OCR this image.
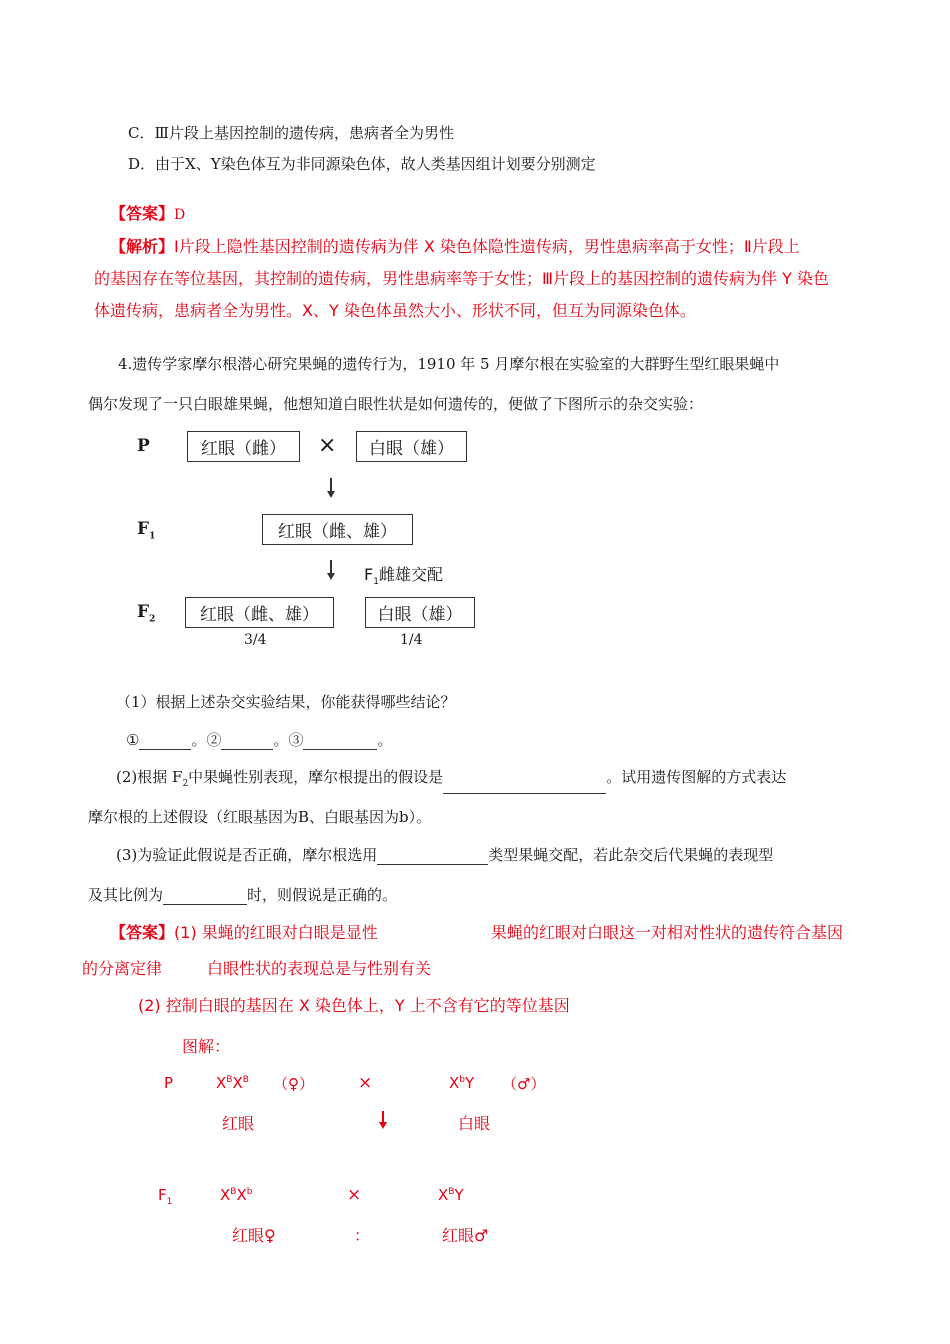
C．Ⅲ片段上基因控制的遗传病，患病者全为男性
D．由于X、Y染色体互为非同源染色体，故人类基因组计划要分别测定
【答案】D
【解析】Ⅰ片段上隐性基因控制的遗传病为伴 X 染色体隐性遗传病，男性患病率高于女性；Ⅱ片段上
的基因存在等位基因，其控制的遗传病，男性患病率等于女性；Ⅲ片段上的基因控制的遗传病为伴 Y 染色
体遗传病，患病者全为男性。X、Y 染色体虽然大小、形状不同，但互为同源染色体。
4.遗传学家摩尔根潜心研究果蝇的遗传行为，1910 年 5 月摩尔根在实验室的大群野生型红眼果蝇中
偶尔发现了一只白眼雄果蝇，他想知道白眼性状是如何遗传的，便做了下图所示的杂交实验：
P	红眼（雌）	×	白眼（雄）
$F_1$	红眼（雌、雄）
$F_1$雌雄交配
$F_2$	红眼（雌、雄）	白眼（雄）
3/4	1/4
（1）根据上述杂交实验结果，你能获得哪些结论？
①	。②	。③	。
(2)根据 $F_2$中果蝇性别表现，摩尔根提出的假设是	。试用遗传图解的方式表达
摩尔根的上述假设（红眼基因为B、白眼基因为b）。
(3)为验证此假说是否正确，摩尔根选用	类型果蝇交配，若此杂交后代果蝇的表现型
及其比例为	时，则假说是正确的。
【答案】(1) 果蝇的红眼对白眼是显性	果蝇的红眼对白眼这一对相对性状的遗传符合基因
的分离定律	白眼性状的表现总是与性别有关
(2) 控制白眼的基因在 X 染色体上，Y 上不含有它的等位基因
图解：
P	$X^BX^B$ （♀）	×	$X^bY$ （♂）
红眼	白眼
$F_1$	$X^BX^b$	×	$X^BY$
红眼♀	：	红眼♂
